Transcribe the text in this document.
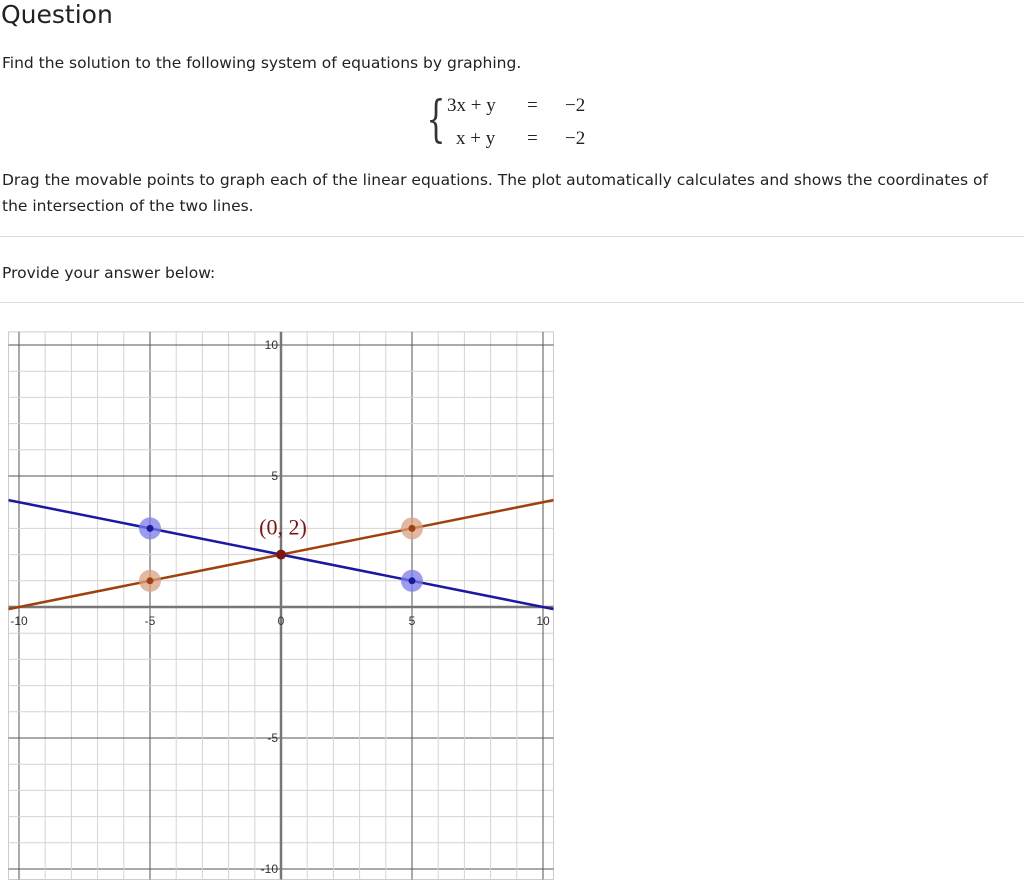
Question
Find the solution to the following system of equations by graphing.
{ 3x + y = −2
x + y = −2
Drag the movable points to graph each of the linear equations. The plot automatically calculates and shows the coordinates of the intersection of the two lines.
Provide your answer below:
-10	-5	0	5	10
10
5
-5
-10
(0, 2)
